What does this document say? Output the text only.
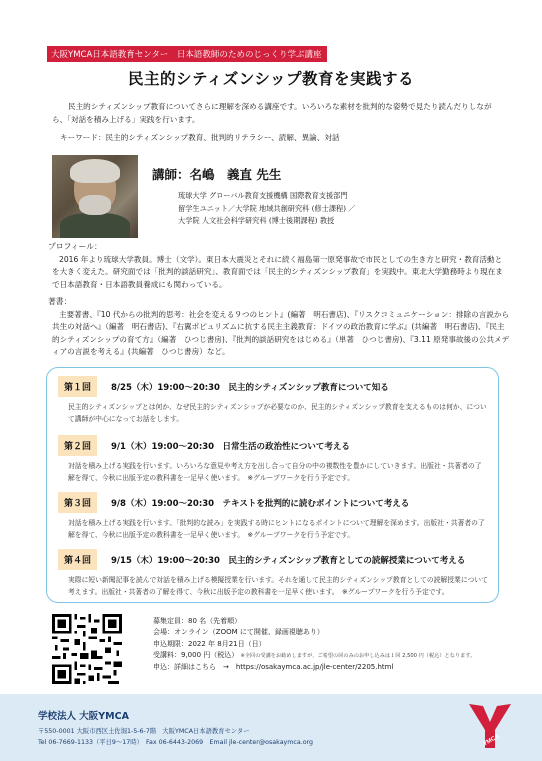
大阪YMCA日本語教育センター　日本語教師のためのじっくり学ぶ講座
民主的シティズンシップ教育を実践する
民主的シティズンシップ教育についてさらに理解を深める講座です。いろいろな素材を批判的な姿勢で見たり読んだりしながら、「対話を積み上げる」実践を行います。
キーワード：民主的シティズンシップ教育、批判的リテラシー、読解、異論、対話
講師：名嶋　義直 先生
琉球大学 グローバル教育支援機構 国際教育支援部門
留学生ユニット／大学院 地域共創研究科 (修士課程) ／
大学院 人文社会科学研究科 (博士後期課程) 教授
プロフィール：
2016 年より琉球大学教員。博士（文学）。東日本大震災とそれに続く福島第一原発事故で市民としての生き方と研究・教育活動とを大きく変えた。研究面では「批判的談話研究」、教育面では「民主的シティズンシップ教育」を実践中。東北大学勤務時より現在まで日本語教育・日本語教員養成にも関わっている。
著書：
主要著書、『10 代からの批判的思考：社会を変える９つのヒント』(編著　明石書店)、『リスクコミュニケーション：排除の言説から共生の対話へ』（編著　明石書店)、『右翼ポピュリズムに抗する民主主義教育：ドイツの政治教育に学ぶ』(共編著　明石書店)、『民主的シティズンシップの育て方』（編著　ひつじ書房)、『批判的談話研究をはじめる』（単著　ひつじ書房)、『3.11 原発事故後の公共メディアの言説を考える』(共編著　ひつじ書房）など。
第１回	8/25（木）19:00～20:30　民主的シティズンシップ教育について知る
民主的シティズンシップとは何か、なぜ民主的シティズンシップが必要なのか、民主的シティズンシップ教育を支えるものは何か、について講師が中心になってお話をします。
第２回	9/1（木）19:00～20:30　日常生活の政治性について考える
対話を積み上げる実践を行います。いろいろな意見や考え方を出し合って自分の中の複数性を豊かにしていきます。出版社・共著者の了解を得て、今秋に出版予定の教科書を一足早く使います。　※グループワークを行う予定です。
第３回	9/8（木）19:00～20:30　テキストを批判的に読むポイントについて考える
対話を積み上げる実践を行います。「批判的な読み」を実践する時にヒントになるポイントについて理解を深めます。出版社・共著者の了解を得て、今秋に出版予定の教科書を一足早く使います。　※グループワークを行う予定です。
第４回	9/15（木）19:00～20:30　民主的シティズンシップ教育としての読解授業について考える
実際に短い新聞記事を読んで対話を積み上げる模擬授業を行います。それを通して民主的シティズンシップ教育としての読解授業について考えます。出版社・共著者の了解を得て、今秋に出版予定の教科書を一足早く使います。　※グループワークを行う予定です。
募集定員：80 名（先着順）
会場：オンライン（ZOOM にて開催、録画視聴あり）
申込期限：2022 年 8月21日（日）
受講料：9,000 円（税込） ※全回の受講をお勧めしますが、ご希望の回のみのお申し込みは１回 2,500 円（税込）となります。
申込：詳細はこちら　→　https://osakaymca.ac.jp/jle-center/2205.html
学校法人 大阪YMCA
〒550-0001 大阪市西区土佐堀1-5-6-7階　大阪YMCA日本語教育センター
Tel 06-7669-1133（平日9～17時）　Fax 06-6443-2069　Email jle-center@osakaymca.org	YMCA
